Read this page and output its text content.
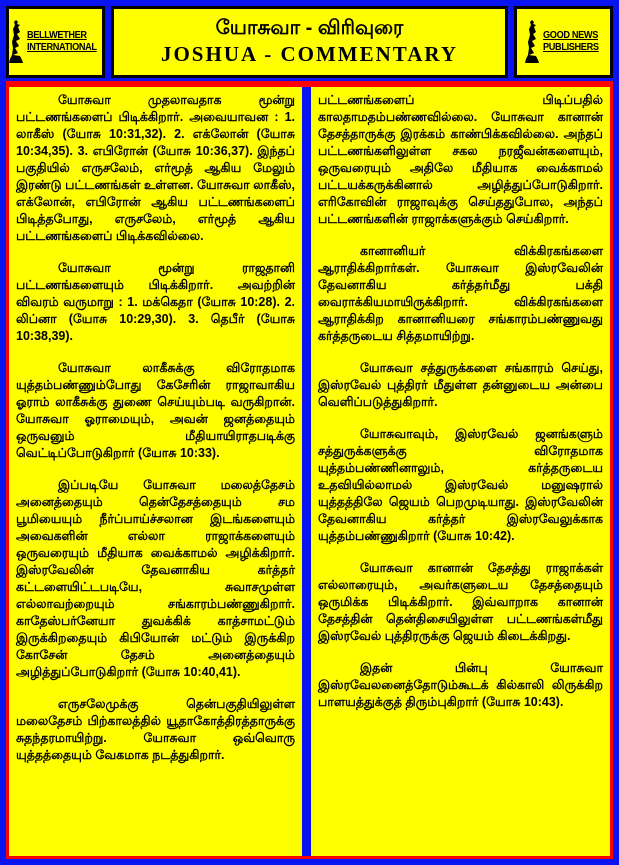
BELLWETHER
INTERNATIONAL
யோசுவா - விரிவுரை
JOSHUA - COMMENTARY
GOOD NEWS
PUBLISHERS

யோசுவா முதலாவதாக மூன்று பட்டணங்களைப் பிடிக்கிறார். அவையாவன : 1. லாகீஸ் (யோசு 10:31,32). 2. எக்லோன் (யோசு 10:34,35). 3. எபிரோன் (யோசு 10:36,37). இந்தப் பகுதியில் எருசலேம், எர்மூத் ஆகிய மேலும் இரண்டு பட்டணங்கள் உள்ளன. யோசுவா லாகீஸ், எக்லோன், எபிரோன் ஆகிய பட்டணங்களைப் பிடித்தபோது, எருசலேம், எர்மூத் ஆகிய பட்டணங்களைப் பிடிக்கவில்லை.

யோசுவா மூன்று ராஜதானி பட்டணங்களையும் பிடிக்கிறார். அவற்றின் விவரம் வருமாறு : 1. மக்கெதா (யோசு 10:28). 2. லிப்னா (யோசு 10:29,30). 3. தெபீர் (யோசு 10:38,39).

யோசுவா லாகீசுக்கு விரோதமாக யுத்தம்பண்ணும்போது கேசேரின் ராஜாவாகிய ஓராம் லாகீசுக்கு துணை செய்யும்படி வருகிறான். யோசுவா ஓராமையும், அவன் ஜனத்தையும் ஒருவனும் மீதியாயிராதபடிக்கு வெட்டிப்போடுகிறார் (யோசு 10:33).

இப்படியே யோசுவா மலைத்தேசம் அனைத்தையும் தென்தேசத்தையும் சம பூமியையும் நீர்ப்பாய்ச்சலான இடங்களையும் அவைகளின் எல்லா ராஜாக்களையும் ஒருவரையும் மீதியாக வைக்காமல் அழிக்கிறார். இஸ்ரவேலின் தேவனாகிய கர்த்தர் கட்டளையிட்டபடியே, சுவாசமுள்ள எல்லாவற்றையும் சங்காரம்பண்ணுகிறார். காதேஸ்பர்னேயா துவக்கிக் காத்சாமட்டும் இருக்கிறதையும் கிபியோன் மட்டும் இருக்கிற கோசேன் தேசம் அனைத்தையும் அழித்துப்போடுகிறார் (யோசு 10:40,41).

எருசலேமுக்கு தென்பகுதியிலுள்ள மலைதேசம் பிற்காலத்தில் யூதாகோத்திரத்தாருக்கு சுதந்தரமாயிற்று. யோசுவா ஒவ்வொரு யுத்தத்தையும் வேகமாக நடத்துகிறார்.

பட்டணங்களைப் பிடிப்பதில் காலதாமதம்பண்ணவில்லை. யோசுவா கானான் தேசத்தாருக்கு இரக்கம் காண்பிக்கவில்லை. அந்தப் பட்டணங்களிலுள்ள சகல நரஜீவன்களையும், ஒருவரையும் அதிலே மீதியாக வைக்காமல் பட்டயக்கருக்கினால் அழித்துப்போடுகிறார். எரிகோவின் ராஜாவுக்கு செய்ததுபோல, அந்தப் பட்டணங்களின் ராஜாக்களுக்கும் செய்கிறார்.

கானானியர் விக்கிரகங்களை ஆராதிக்கிறார்கள். யோசுவா இஸ்ரவேலின் தேவனாகிய கர்த்தர்மீது பக்தி வைராக்கியமாயிருக்கிறார். விக்கிரகங்களை ஆராதிக்கிற கானானியரை சங்காரம்பண்ணுவது கர்த்தருடைய சித்தமாயிற்று.

யோசுவா சத்துருக்களை சங்காரம் செய்து, இஸ்ரவேல் புத்திரர் மீதுள்ள தன்னுடைய அன்பை வெளிப்படுத்துகிறார்.

யோசுவாவும், இஸ்ரவேல் ஜனங்களும் சத்துருக்களுக்கு விரோதமாக யுத்தம்பண்ணினாலும், கர்த்தருடைய உதவியில்லாமல் இஸ்ரவேல் மனுஷரால் யுத்தத்திலே ஜெயம் பெறமுடியாது. இஸ்ரவேலின் தேவனாகிய கர்த்தர் இஸ்ரவேலுக்காக யுத்தம்பண்ணுகிறார் (யோசு 10:42).

யோசுவா கானான் தேசத்து ராஜாக்கள் எல்லாரையும், அவர்களுடைய தேசத்தையும் ஒருமிக்க பிடிக்கிறார். இவ்வாறாக கானான் தேசத்தின் தென்திசையிலுள்ள பட்டணங்கள்மீது இஸ்ரவேல் புத்திரருக்கு ஜெயம் கிடைக்கிறது.

இதன் பின்பு யோசுவா இஸ்ரவேலனைத்தோடும்கூடக் கில்காலி லிருக்கிற பாளயத்துக்குத் திரும்புகிறார் (யோசு 10:43).
